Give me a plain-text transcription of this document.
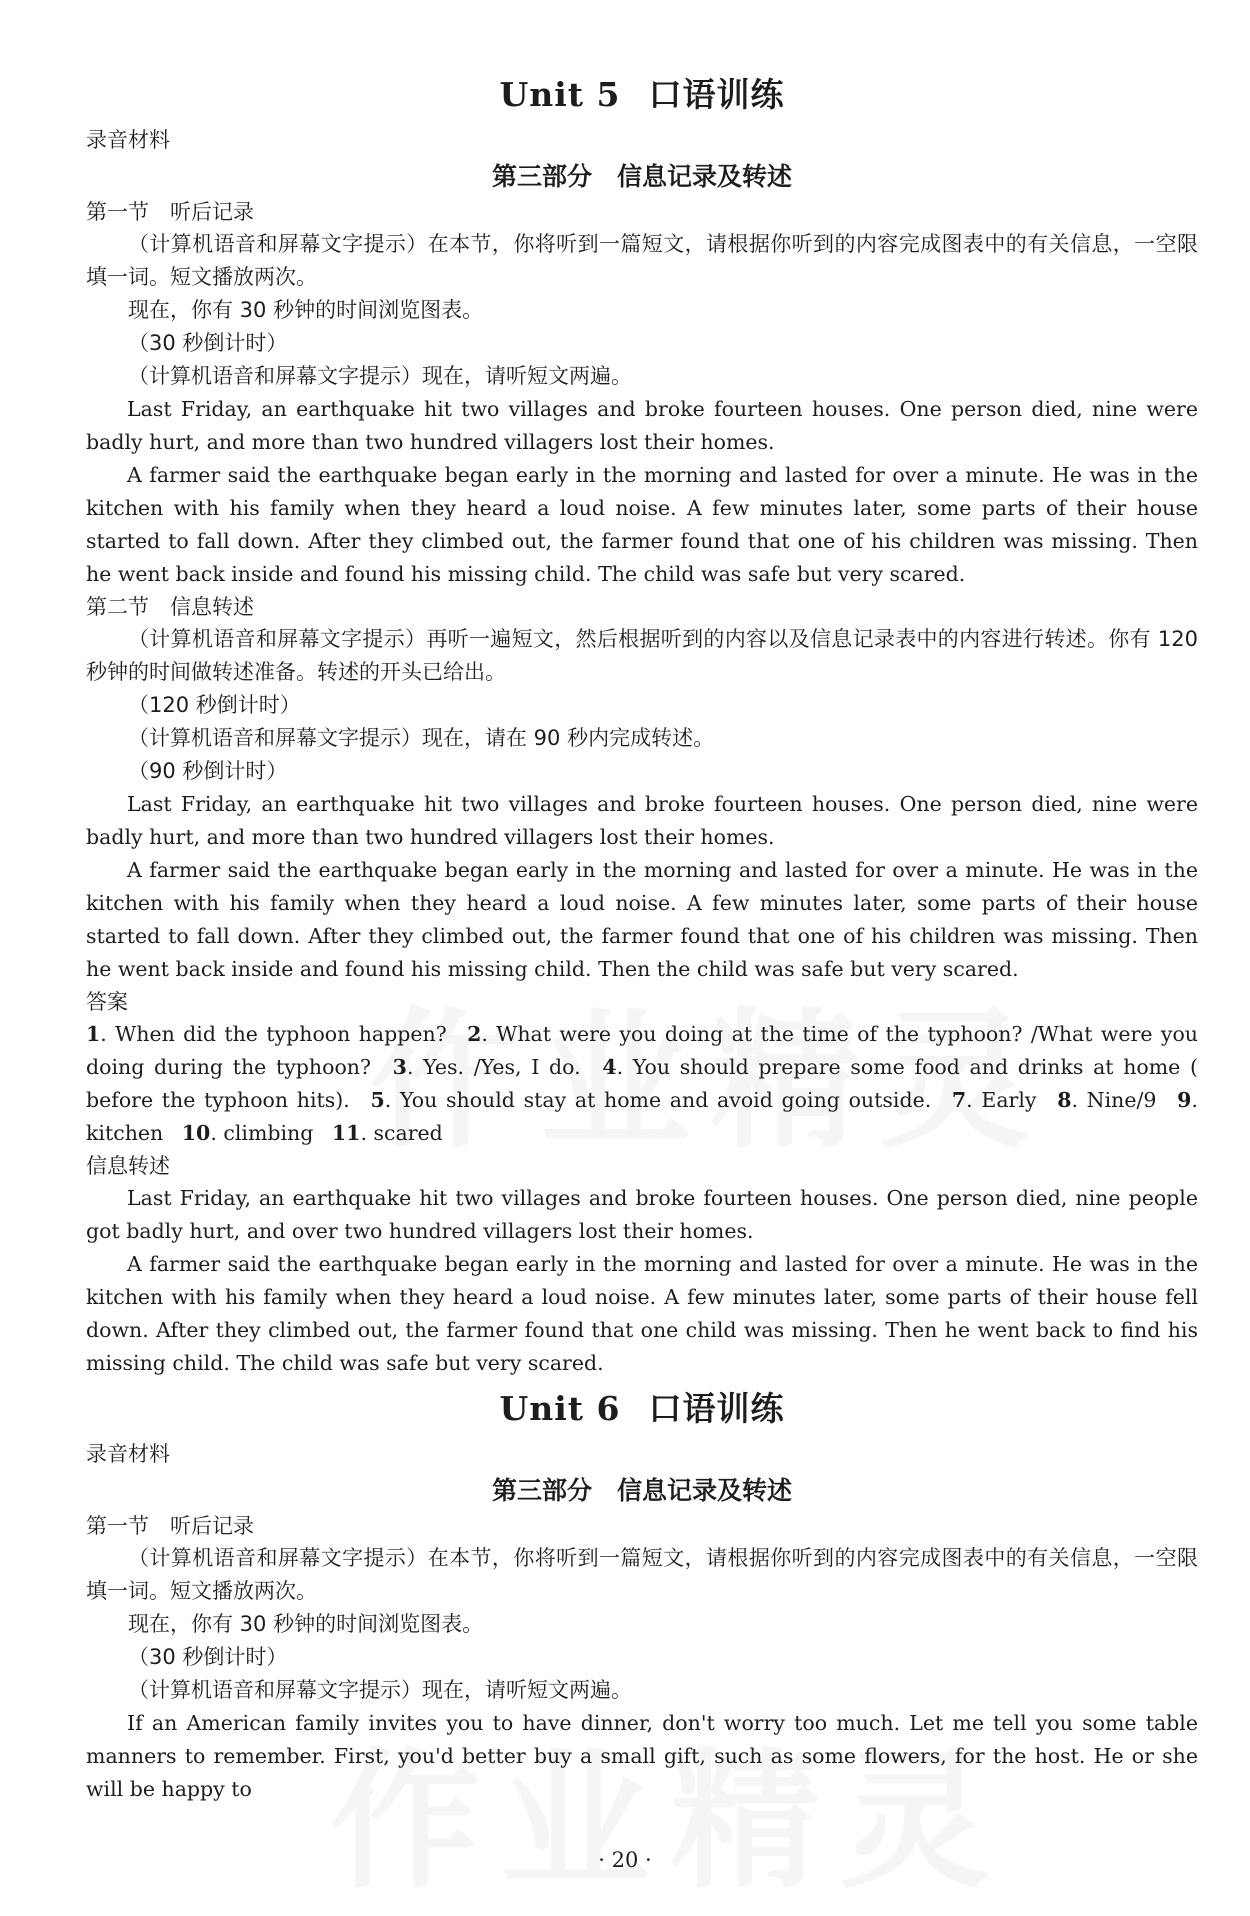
Unit 5 口语训练
录音材料
第三部分　信息记录及转述
第一节　听后记录

（计算机语音和屏幕文字提示）在本节，你将听到一篇短文，请根据你听到的内容完成图表中的有关信息，一空限填一词。短文播放两次。

现在，你有 30 秒钟的时间浏览图表。

（30 秒倒计时）

（计算机语音和屏幕文字提示）现在，请听短文两遍。

Last Friday, an earthquake hit two villages and broke fourteen houses. One person died, nine were badly hurt, and more than two hundred villagers lost their homes.

A farmer said the earthquake began early in the morning and lasted for over a minute. He was in the kitchen with his family when they heard a loud noise. A few minutes later, some parts of their house started to fall down. After they climbed out, the farmer found that one of his children was missing. Then he went back inside and found his missing child. The child was safe but very scared.

第二节　信息转述

（计算机语音和屏幕文字提示）再听一遍短文，然后根据听到的内容以及信息记录表中的内容进行转述。你有 120 秒钟的时间做转述准备。转述的开头已给出。

（120 秒倒计时）

（计算机语音和屏幕文字提示）现在，请在 90 秒内完成转述。

（90 秒倒计时）

Last Friday, an earthquake hit two villages and broke fourteen houses. One person died, nine were badly hurt, and more than two hundred villagers lost their homes.

A farmer said the earthquake began early in the morning and lasted for over a minute. He was in the kitchen with his family when they heard a loud noise. A few minutes later, some parts of their house started to fall down. After they climbed out, the farmer found that one of his children was missing. Then he went back inside and found his missing child. Then the child was safe but very scared.

答案

1. When did the typhoon happen? 2. What were you doing at the time of the typhoon? /What were you doing during the typhoon? 3. Yes. /Yes, I do. 4. You should prepare some food and drinks at home ( before the typhoon hits). 5. You should stay at home and avoid going outside. 7. Early 8. Nine/9 9. kitchen 10. climbing 11. scared

信息转述

Last Friday, an earthquake hit two villages and broke fourteen houses. One person died, nine people got badly hurt, and over two hundred villagers lost their homes.

A farmer said the earthquake began early in the morning and lasted for over a minute. He was in the kitchen with his family when they heard a loud noise. A few minutes later, some parts of their house fell down. After they climbed out, the farmer found that one child was missing. Then he went back to find his missing child. The child was safe but very scared.

Unit 6 口语训练
录音材料
第三部分　信息记录及转述
第一节　听后记录

（计算机语音和屏幕文字提示）在本节，你将听到一篇短文，请根据你听到的内容完成图表中的有关信息，一空限填一词。短文播放两次。

现在，你有 30 秒钟的时间浏览图表。

（30 秒倒计时）

（计算机语音和屏幕文字提示）现在，请听短文两遍。

If an American family invites you to have dinner, don't worry too much. Let me tell you some table manners to remember. First, you'd better buy a small gift, such as some flowers, for the host. He or she will be happy to

· 20 ·
